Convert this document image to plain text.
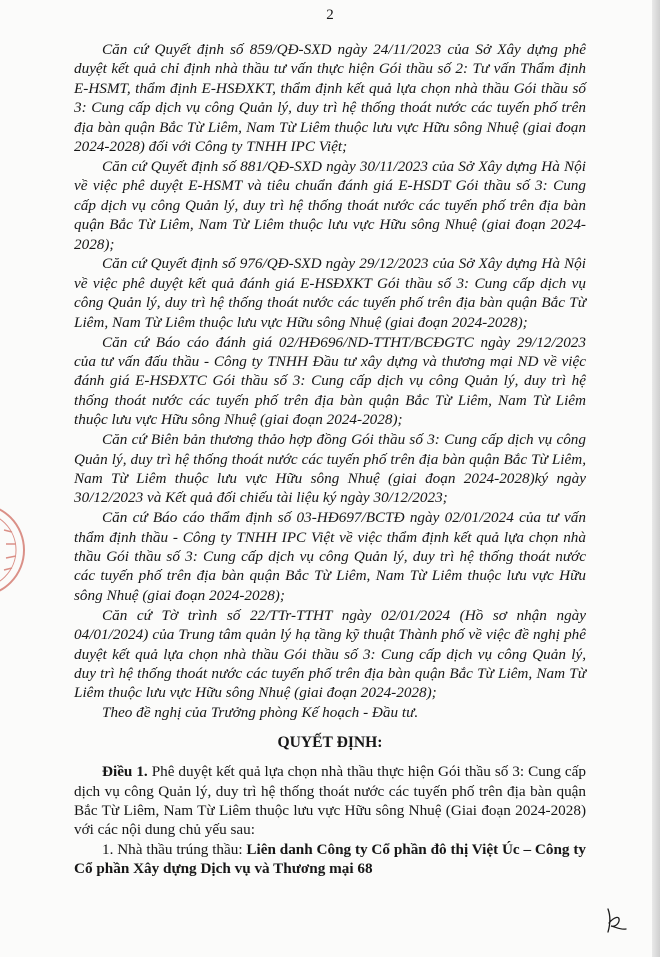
2

Căn cứ Quyết định số 859/QĐ-SXD ngày 24/11/2023 của Sở Xây dựng phê duyệt kết quả chỉ định nhà thầu tư vấn thực hiện Gói thầu số 2: Tư vấn Thẩm định E-HSMT, thẩm định E-HSĐXKT, thẩm định kết quả lựa chọn nhà thầu Gói thầu số 3: Cung cấp dịch vụ công Quản lý, duy trì hệ thống thoát nước các tuyến phố trên địa bàn quận Bắc Từ Liêm, Nam Từ Liêm thuộc lưu vực Hữu sông Nhuệ (giai đoạn 2024-2028) đối với Công ty TNHH IPC Việt;

Căn cứ Quyết định số 881/QĐ-SXD ngày 30/11/2023 của Sở Xây dựng Hà Nội về việc phê duyệt E-HSMT và tiêu chuẩn đánh giá E-HSDT Gói thầu số 3: Cung cấp dịch vụ công Quản lý, duy trì hệ thống thoát nước các tuyến phố trên địa bàn quận Bắc Từ Liêm, Nam Từ Liêm thuộc lưu vực Hữu sông Nhuệ (giai đoạn 2024-2028);

Căn cứ Quyết định số 976/QĐ-SXD ngày 29/12/2023 của Sở Xây dựng Hà Nội về việc phê duyệt kết quả đánh giá E-HSĐXKT Gói thầu số 3: Cung cấp dịch vụ công Quản lý, duy trì hệ thống thoát nước các tuyến phố trên địa bàn quận Bắc Từ Liêm, Nam Từ Liêm thuộc lưu vực Hữu sông Nhuệ (giai đoạn 2024-2028);

Căn cứ Báo cáo đánh giá 02/HĐ696/ND-TTHT/BCĐGTC ngày 29/12/2023 của tư vấn đấu thầu - Công ty TNHH Đầu tư xây dựng và thương mại ND về việc đánh giá E-HSĐXTC Gói thầu số 3: Cung cấp dịch vụ công Quản lý, duy trì hệ thống thoát nước các tuyến phố trên địa bàn quận Bắc Từ Liêm, Nam Từ Liêm thuộc lưu vực Hữu sông Nhuệ (giai đoạn 2024-2028);

Căn cứ Biên bản thương thảo hợp đồng Gói thầu số 3: Cung cấp dịch vụ công Quản lý, duy trì hệ thống thoát nước các tuyến phố trên địa bàn quận Bắc Từ Liêm, Nam Từ Liêm thuộc lưu vực Hữu sông Nhuệ (giai đoạn 2024-2028)ký ngày 30/12/2023 và Kết quả đối chiếu tài liệu ký ngày 30/12/2023;

Căn cứ Báo cáo thẩm định số 03-HĐ697/BCTĐ ngày 02/01/2024 của tư vấn thẩm định thầu - Công ty TNHH IPC Việt về việc thẩm định kết quả lựa chọn nhà thầu Gói thầu số 3: Cung cấp dịch vụ công Quản lý, duy trì hệ thống thoát nước các tuyến phố trên địa bàn quận Bắc Từ Liêm, Nam Từ Liêm thuộc lưu vực Hữu sông Nhuệ (giai đoạn 2024-2028);

Căn cứ Tờ trình số 22/TTr-TTHT ngày 02/01/2024 (Hồ sơ nhận ngày 04/01/2024) của Trung tâm quản lý hạ tầng kỹ thuật Thành phố về việc đề nghị phê duyệt kết quả lựa chọn nhà thầu Gói thầu số 3: Cung cấp dịch vụ công Quản lý, duy trì hệ thống thoát nước các tuyến phố trên địa bàn quận Bắc Từ Liêm, Nam Từ Liêm thuộc lưu vực Hữu sông Nhuệ (giai đoạn 2024-2028);

Theo đề nghị của Trưởng phòng Kế hoạch - Đầu tư.

QUYẾT ĐỊNH:

Điều 1. Phê duyệt kết quả lựa chọn nhà thầu thực hiện Gói thầu số 3: Cung cấp dịch vụ công Quản lý, duy trì hệ thống thoát nước các tuyến phố trên địa bàn quận Bắc Từ Liêm, Nam Từ Liêm thuộc lưu vực Hữu sông Nhuệ (Giai đoạn 2024-2028) với các nội dung chủ yếu sau:

1. Nhà thầu trúng thầu: Liên danh Công ty Cổ phần đô thị Việt Úc – Công ty Cổ phần Xây dựng Dịch vụ và Thương mại 68
